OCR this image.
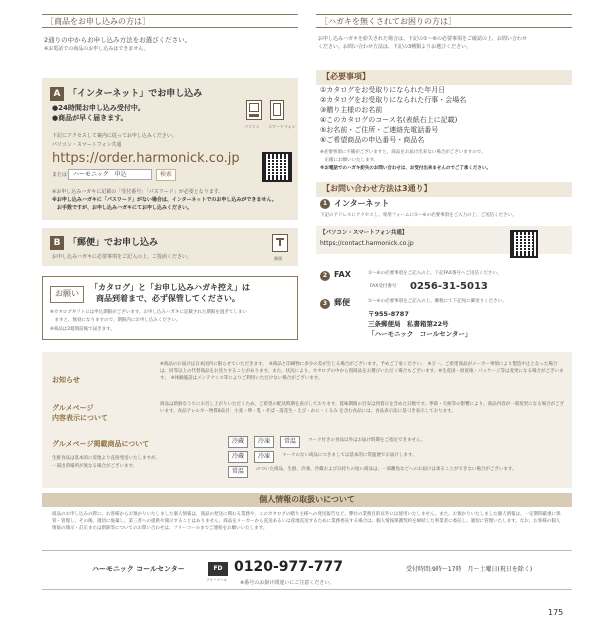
［商品をお申し込みの方は］
2通りの中からお申し込み方法をお選びください。
※お電話での商品のお申し込みはできません。
A 「インターネット」でお申し込み
●24時間お申し込み受付中。
●商品が早く届きます。
パソコン スマートフォン
下記にアクセスして案内に従ってお申し込みください。
パソコン・スマートフォン共通
https://order.harmonick.co.jp
または ハーモニック　申込	検索
※お申し込みハガキに記載の「受付番号」「パスワード」が必要となります。
※お申し込みハガキに「パスワード」がない場合は、インターネットでのお申し込みができません。
　お手数ですが、お申し込みハガキにてお申し込みください。
B 「郵便」でお申し込み
お申し込みハガキに必要事項をご記入の上、ご投函ください。	郵便
お願い
「カタログ」と「お申し込みハガキ控え」は
商品到着まで、必ず保管してください。
※カタログギフトには申込期限がございます。お申し込みハガキに記載された期限を過ぎてしまい
　ますと、無効になりますので、期限内にお申し込みください。
※商品は2週間前後で届きます。
［ハガキを無くされてお困りの方は］
お申し込みハガキを紛失された場合は、下記の①～⑥の必要事項をご確認の上、お問い合わせ
ください。お問い合わせ方法は、下記の3種類よりお選びください。
【必要事項】
①カタログをお受取りになられた年月日
②カタログをお受取りになられた行事・会場名
③贈り主様のお名前
④このカタログのコース名(表紙右上に記載)
⑤お名前・ご住所・ご連絡先電話番号
⑥ご希望商品の申込番号・商品名
※必要事項に不備がございますと、商品をお届け出来ない場合がございますので、
　正確にお願いいたします。
※お電話でのハガキ紛失のお問い合わせは、お受付出来ませんのでご了承ください。
【お問い合わせ方法は3通り】
1 インターネット
下記のアドレスにアクセスし、専用フォームに①～⑥の必要事項をご入力の上、ご送信ください。
【パソコン・スマートフォン共通】
https://contact.harmonick.co.jp
2 FAX	①～⑥の必要事項をご記入の上、下記FAX番号へご送信ください。
FAX受付番号 0256-31-5013
3 郵便	①～⑥の必要事項をご記入の上、郵便にて下記宛に御送りください。
〒955-8787
三条郵便局　私書箱第22号
「ハーモニック　コールセンター」
お知らせ
※商品のお届けは日本国内に限らせていただきます。　※商品と印刷物に多少の差が生じる場合がございます。予めご了承ください。　※万一、ご希望商品がメーカー事情により製造中止となった場合は、同等以上の代替商品をお送りすることがあります。また、状況により、カタログの中から別商品をお選びいただく場合もございます。※生産国・原産地・パッケージ等は変更になる場合がございます。　※体験施設はメンテナンス等によりご利用いただけない場合がございます。
グルメページ
内容表示について
商品は新鮮なうちにお召し上がりいただくため、ご希望の配送時期を表示しております。賞味期限の目安は到着日を含めた日数です。季節・天候等の影響により、商品内容が一部変更になる場合がございます。食品アレルギー物質8品目：小麦・卵・乳・そば・落花生・えび・かに・くるみ を含む食品には、食品表示法に基づき表示しております。
グルメページ掲載商品について
生鮮食品は基本的に産地より直接発送いたしますが、
一部出荷場所が異なる場合がございます。
冷蔵	冷凍	常温	マーク付きの食品以外はお届け時期をご指定できません。
冷蔵	冷凍	マークのない商品につきましては基本的に常温便でお届けします。
常温	のついた商品、生鮮、冷凍、冷蔵および日持ちの短い商品は、一部離島などへのお届けは承ることができない場合がございます。
個人情報の取扱いについて
商品のお申し込みの際に、お客様からお預かりいたしました個人情報は、商品の発送に関わる業務や、このカタログの贈り主様への発送報告など、弊社の業務目的以外には使用いたしません。また、お預かりいたしました個人情報は、一定期間厳重に保管・管理し、その後、適切に廃棄し、第三者への提供や開示することはありません。商品をメーカーから直送あるいは産地直送するために業務委託する場合は、個人情報保護契約を締結した事業者に委託し、適切に管理いたします。なお、お客様の個人情報の開示・訂正または削除等についてのお問い合わせは、フリーコールまでご連絡をお願いいたします。
ハーモニック コールセンター	FD
フリーコール
0120-977-777
※番号のお掛け間違いにご注意ください。
受付時間:9時～17時　月～土曜日(祝日を除く)
175
